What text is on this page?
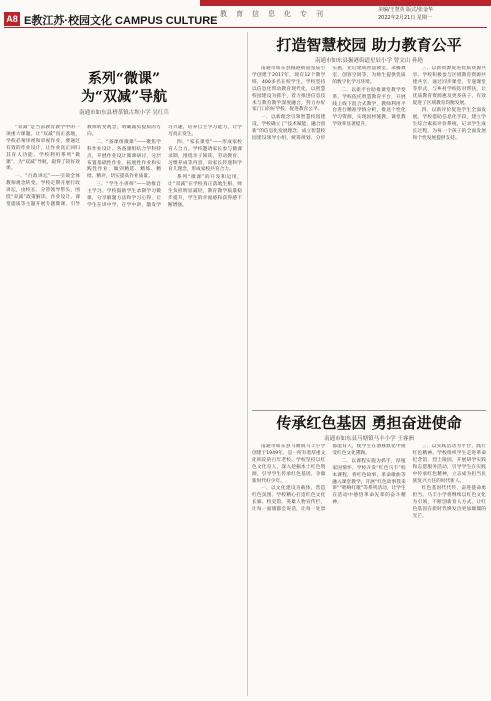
A8 E教江苏·校园文化 CAMPUS CULTURE
教育信息化专刊	美编/王慧英 版式/张金华
2022年2月21日 星期一
系列“微课”
为“双减”导航
南通市如东县栟茶镇古坝小学 吴红兵

“双减”是当前教育教学中的一项重大课题。让“双减”真正落地，学校必须审视和审视作业，要通过有效的作业设计，让作业真正回归其育人功能。学校利用系列“微课”，为“双减”导航，取得了较好效果。

一、“行政讲坛”——引领全体教师观念转变。学校定期开展行政讲坛，由校长、分管领导带头，围绕“双减”政策解读、作业设计、课堂提质等主题开展专题微课，引导教师转变观念，明确减负提质的方向。

二、“备课组微课”——聚焦学科作业设计。各备课组结合学科特点，开展作业设计微课研讨，分层布置基础性作业、拓展性作业和实践性作业，做到精选、精练、精批、精评，切实提高作业质量。

三、“学生小讲师”——助推自主学习。学校鼓励学生录制学习微课，分享解题方法和学习心得，让学生在讲中学、在学中讲，激发学习兴趣，培养自主学习能力，让学习真正发生。

四、“家长课堂”——形成家校育人合力。学校邀请家长参与微课录制，围绕亲子阅读、劳动教育、习惯养成等内容，向家长传递科学育儿理念，形成家校共育合力。

系列“微课”的开发和运用，让“双减”在学校真正落地生根，师生负担明显减轻，教育教学质量稳步提升，学生的幸福感和获得感不断增强。

打造智慧校园 助力教育公平
南通市如东县掘港街道星辰小学 曾文山 孙艳

南通市如东县掘港街道星辰小学创建于2017年，现有12个教学班，400多名在校学生。学校坚持以信息化带动教育现代化，以智慧校园建设为抓手，着力推进信息技术与教育教学深度融合，努力办好家门口的好学校，促进教育公平。

一、以新理念引领智慧校园建设。学校确立了“技术赋能、融合创新”的信息化发展理念，成立智慧校园建设领导小组，统筹规划、分步实施，先后建成智慧教室、录播教室、创客空间等，为师生提供优质的数字化学习环境。

二、以新平台助推课堂教学变革。学校依托智慧教育平台，开展线上线下混合式教学，教师利用平台进行精准学情分析，推送个性化学习资源，实现因材施教，课堂教学效率显著提升。

三、以新资源促进优质资源共享。学校积极参与区域教育资源共建共享，通过同步课堂、专递课堂等形式，与乡村学校结对帮扶，让优质教育资源惠及更多孩子，有效促进了区域教育均衡发展。

四、以新评价促进学生全面发展。学校借助信息化手段，建立学生综合素质评价系统，记录学生成长过程，为每一个孩子的全面发展和个性发展提供支持。

传承红色基因 勇担奋进使命
南通市如东县马塘镇马丰小学 王睿洲

南通市如东县马塘镇马丰小学创建于1949年，是一所有着厚重文化积淀的百年老校。学校坚持以红色文化育人，深入挖掘本土红色资源，引导学生传承红色基因，争做新时代好少年。

一、以文化建设为载体，营造红色氛围。学校精心打造红色文化长廊、校史馆、英雄人物宣传栏，让每一面墙都会说话，让每一处景都能育人，使学生在潜移默化中接受红色文化熏陶。

二、以课程实施为抓手，厚植家国情怀。学校开发“红色马丰”校本课程，将红色故事、革命歌曲等融入课堂教学，开展“红色故事我来讲”“唱响红歌”等系列活动，让学生在活动中感悟革命先辈的奋斗精神。

三、以实践活动为平台，践行红色精神。学校组织学生走进革命纪念馆、烈士陵园，开展研学实践和志愿服务活动，引导学生在实践中传承红色精神，立志成为担当民族复兴大任的时代新人。

红色基因代代传，奋进使命勇担当。马丰小学将继续以红色文化为引领，不断创新育人方式，让红色基因在新时代焕发出更加璀璨的光芒。
